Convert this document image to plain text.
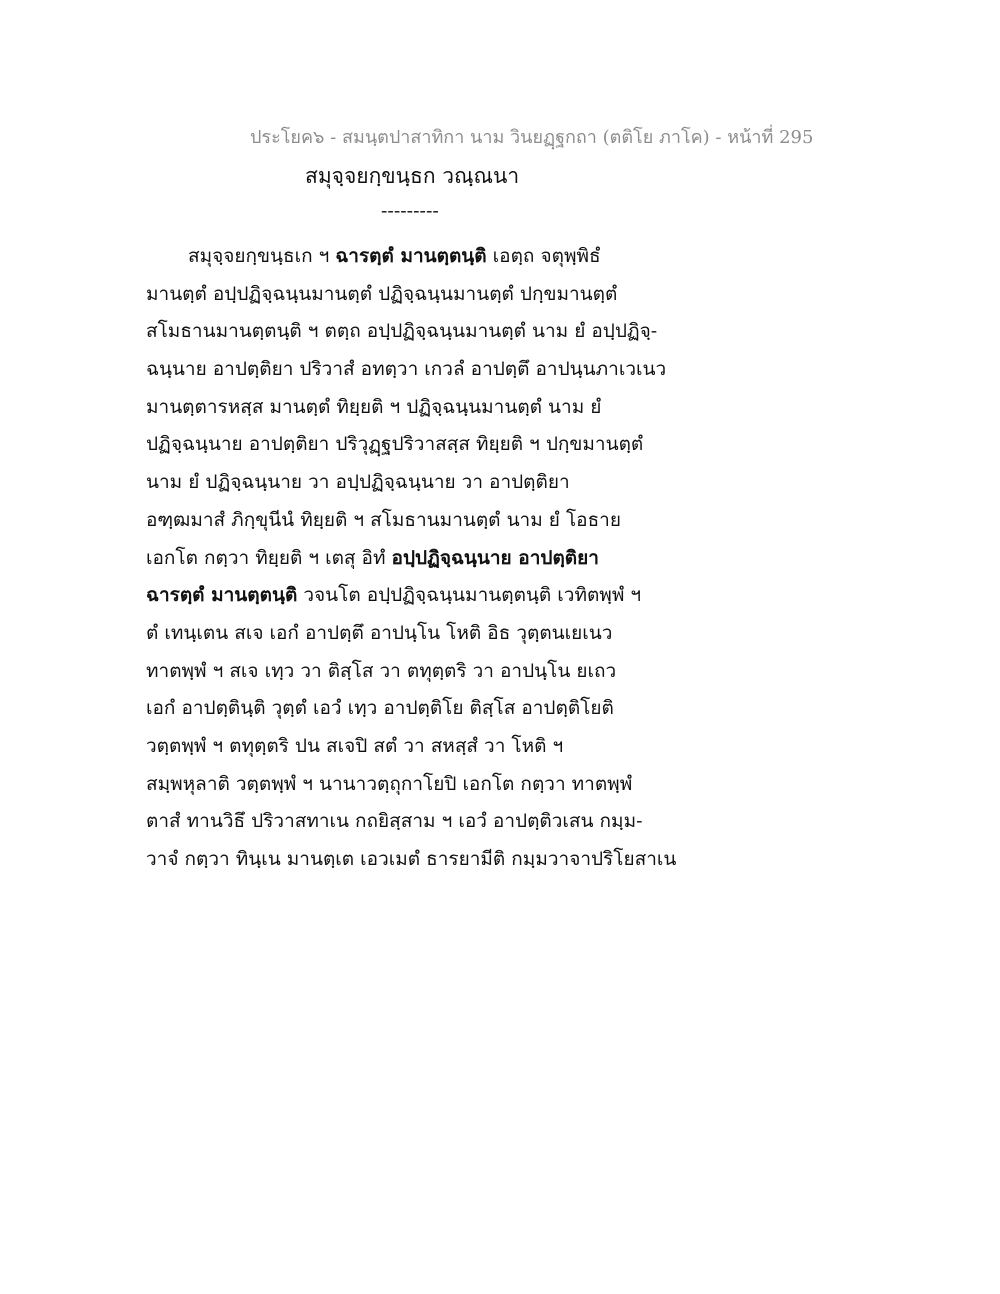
ประโยค๖ - สมนฺตปาสาทิกา นาม วินยฏฺฐกถา (ตติโย ภาโค) - หน้าที่ 295
สมุจฺจยกฺขนฺธก วณฺณนา
---------
สมุจฺจยกฺขนฺธเก ฯ ฉารตฺตํ มานตฺตนฺติ เอตฺถ จตุพฺพิธํ
มานตฺตํ อปฺปฏิจฺฉนฺนมานตฺตํ ปฏิจฺฉนฺนมานตฺตํ ปกฺขมานตฺตํ
สโมธานมานตฺตนฺติ ฯ ตตฺถ อปฺปฏิจฺฉนฺนมานตฺตํ นาม ยํ อปฺปฏิจฺ-
ฉนฺนาย อาปตฺติยา ปริวาสํ อทตฺวา เกวลํ อาปตฺตึ อาปนฺนภาเวเนว
มานตฺตารหสฺส มานตฺตํ ทิยฺยติ ฯ ปฏิจฺฉนฺนมานตฺตํ นาม ยํ
ปฏิจฺฉนฺนาย อาปตฺติยา ปริวุฏฺฐปริวาสสฺส ทิยฺยติ ฯ ปกฺขมานตฺตํ
นาม ยํ ปฏิจฺฉนฺนาย วา อปฺปฏิจฺฉนฺนาย วา อาปตฺติยา
อฑฺฒมาสํ ภิกฺขุนีนํ ทิยฺยติ ฯ สโมธานมานตฺตํ นาม ยํ โอธาย
เอกโต กตฺวา ทิยฺยติ ฯ เตสุ อิทํ อปฺปฏิจฺฉนฺนาย อาปตฺติยา
ฉารตฺตํ มานตฺตนฺติ วจนโต อปฺปฏิจฺฉนฺนมานตฺตนฺติ เวทิตพฺพํ ฯ
ตํ เทนฺเตน สเจ เอกํ อาปตฺตึ อาปนฺโน โหติ อิธ วุตฺตนเยเนว
ทาตพฺพํ ฯ สเจ เทฺว วา ติสฺโส วา ตทุตฺตริ วา อาปนฺโน ยเถว
เอกํ อาปตฺตินฺติ วุตฺตํ เอวํ เทฺว อาปตฺติโย ติสฺโส อาปตฺติโยติ
วตฺตพฺพํ ฯ ตทุตฺตริ ปน สเจปิ สตํ วา สหสฺสํ วา โหติ ฯ
สมฺพหุลาติ วตฺตพฺพํ ฯ นานาวตฺถุกาโยปิ เอกโต กตฺวา ทาตพฺพํ
ตาสํ ทานวิธึ ปริวาสทาเน กถยิสฺสาม ฯ เอวํ อาปตฺติวเสน กมฺม-
วาจํ กตฺวา ทินฺเน มานตฺเต เอวเมตํ ธารยามีติ กมฺมวาจาปริโยสาเน
